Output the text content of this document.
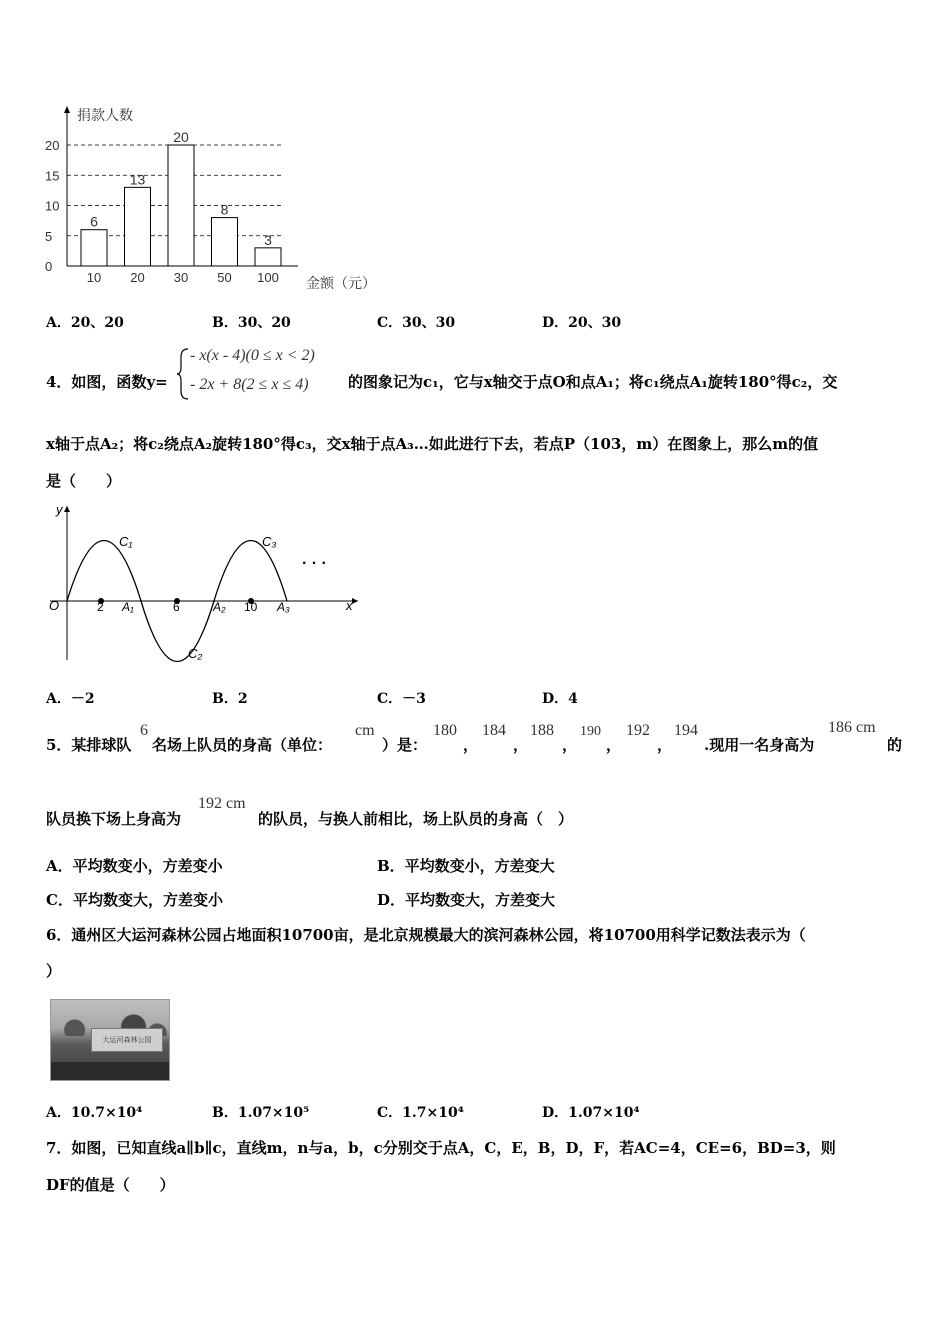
捐款人数
金额（元）
0
5
10
15
20
6
10
13
20
20
30
8
50
3
100
A．20、20	B．30、20	C．30、30	D．20、30
4．如图，函数y=
- x(x - 4)(0 ≤ x < 2)
- 2x + 8(2 ≤ x ≤ 4)	的图象记为c₁，它与x轴交于点O和点A₁；将c₁绕点A₁旋转180°得c₂，交
x轴于点A₂；将c₂绕点A₂旋转180°得c₃，交x轴于点A₃…如此进行下去，若点P（103，m）在图象上，那么m的值
是（　　）
y
x
O
C₁	C₃
C₂
2 A₁	6	A₂ 10 A₃
· · ·
A．－2	B．2	C．－3	D．4
5．某排球队
6
名场上队员的身高（单位：
cm
）是：
180
，
184
，
188
，
190
，
192
，
194
.现用一名身高为
186 cm
的
队员换下场上身高为
192 cm
的队员，与换人前相比，场上队员的身高（　）
A．平均数变小，方差变小	B．平均数变小，方差变大
C．平均数变大，方差变小	D．平均数变大，方差变大
6．通州区大运河森林公园占地面积10700亩，是北京规模最大的滨河森林公园，将10700用科学记数法表示为（
）
大运河森林公园
A．10.7×10⁴	B．1.07×10⁵	C．1.7×10⁴	D．1.07×10⁴
7．如图，已知直线a∥b∥c，直线m，n与a，b，c分别交于点A，C，E，B，D，F，若AC=4，CE=6，BD=3，则
DF的值是（　　）
